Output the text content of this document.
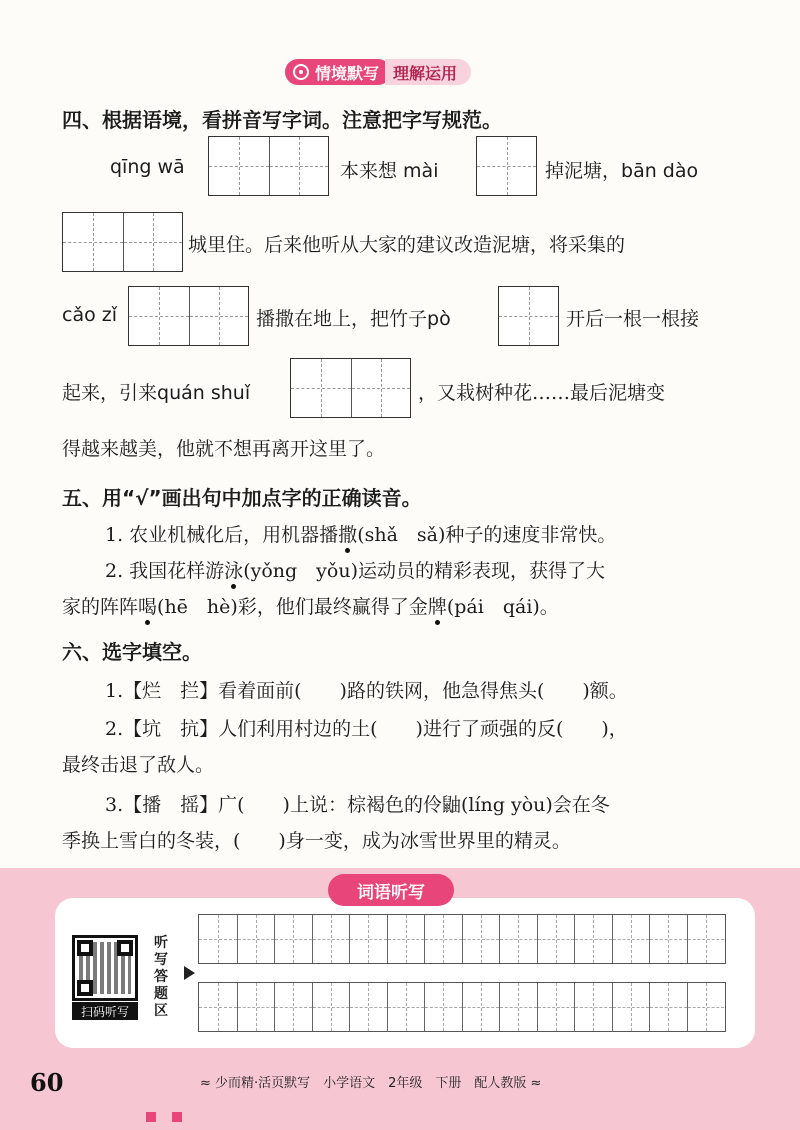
情境默写 理解运用
四、根据语境，看拼音写字词。注意把字写规范。
qīng wā	本来想 mài	掉泥塘，bān dào
城里住。后来他听从大家的建议改造泥塘，将采集的
cǎo zǐ	播撒在地上，把竹子pò	开后一根一根接
起来，引来quán shuǐ	，又栽树种花……最后泥塘变
得越来越美，他就不想再离开这里了。
五、用“√”画出句中加点字的正确读音。
1. 农业机械化后，用机器播撒(shǎ　sǎ)种子的速度非常快。
2. 我国花样游泳(yǒng　yǒu)运动员的精彩表现，获得了大
家的阵阵喝(hē　hè)彩，他们最终赢得了金牌(pái　qái)。
六、选字填空。
1.【烂　拦】看着面前(　　)路的铁网，他急得焦头(　　)额。
2.【坑　抗】人们利用村边的土(　　)进行了顽强的反(　　)，
最终击退了敌人。
3.【播　摇】广(　　)上说：棕褐色的伶鼬(líng yòu)会在冬
季换上雪白的冬装，(　　)身一变，成为冰雪世界里的精灵。
词语听写
扫码听写
听写答题区
60	≈ 少而精·活页默写　小学语文　2年级　下册　配人教版 ≈
